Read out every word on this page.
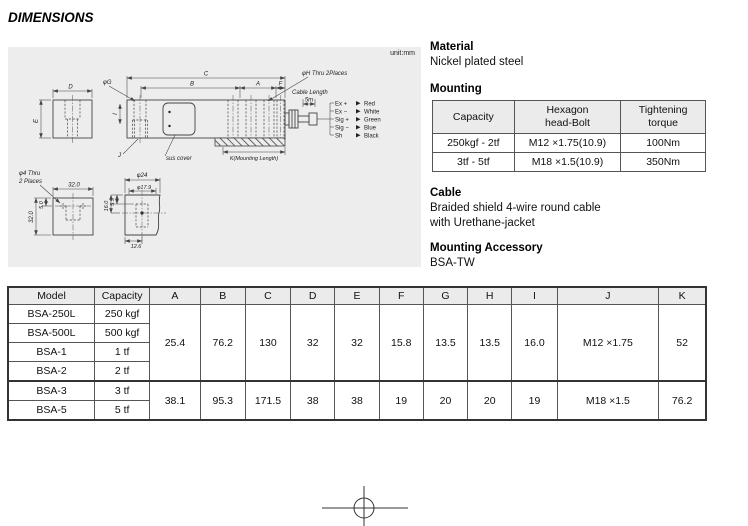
DIMENSIONS
unit:mm
D
E
C
B	A	F
φG
φH Thru 2Places
I
sus cover
J	K(Mounting Length)
Cable Length
5m
Ex +	Red
Ex −	White
Sig +	Green
Sig −	Blue
Sh	Black
φ4 Thru
2 Places
32.0
32.0
5.0
φ24
φ17.9
5.5
16.0
12.6

Material

Nickel plated steel

Mounting

Capacity	Hexagon
head-Bolt	Tightening
torque
250kgf - 2tf	M12 ×1.75(10.9)	100Nm
3tf - 5tf	M18 ×1.5(10.9)	350Nm

Cable

Braided shield 4-wire round cable

with Urethane-jacket

Mounting Accessory

BSA-TW

Model	Capacity	A	B	C	D	E	F	G	H	I	J	K
BSA-250L	250 kgf	25.4	76.2	130	32	32	15.8	13.5	13.5	16.0	M12 ×1.75	52
BSA-500L	500 kgf											
BSA-1	1 tf											
BSA-2	2 tf											
BSA-3	3 tf	38.1	95.3	171.5	38	38	19	20	20	19	M18 ×1.5	76.2
BSA-5	5 tf											
